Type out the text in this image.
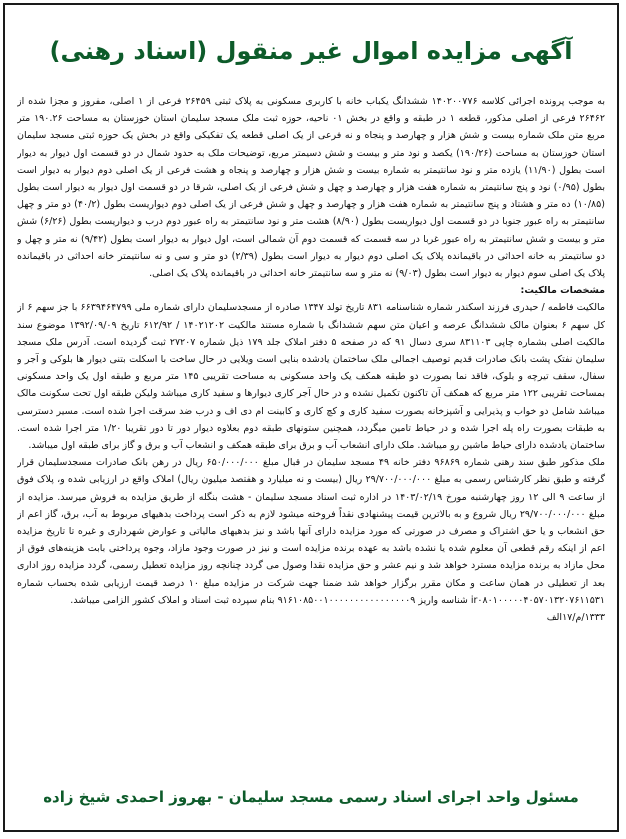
آگهی مزایده اموال غیر منقول (اسناد رهنی)

به موجب پرونده اجرائی کلاسه ۱۴۰۲۰۰۷۷۶ ششدانگ یکباب خانه با کاربری مسکونی به پلاک ثبتی ۲۶۴۵۹ فرعی از ۱ اصلی، مفروز و مجزا شده از ۲۶۴۶۲ فرعی از اصلی مذکور، قطعه ۱ در طبقه و واقع در بخش ۰۱ ناحیه، حوزه ثبت ملک مسجد سلیمان استان خوزستان به مساحت ۱۹۰.۲۶ متر مربع متن ملک شماره بیست و شش هزار و چهارصد و پنجاه و نه فرعی از یک اصلی قطعه یک تفکیکی واقع در بخش یک حوزه ثبتی مسجد سلیمان استان خوزستان به مساحت (۱۹۰/۲۶) یکصد و نود متر و بیست و شش دسیمتر مربع، توضیحات ملک به حدود شمال در دو قسمت اول دیوار به دیوار است بطول (۱۱/۹۰) یازده متر و نود سانتیمتر به شماره بیست و شش هزار و چهارصد و پنجاه و هشت فرعی از یک اصلی دوم دیوار به دیوار است بطول (۰/۹۵) نود و پنج سانتیمتر به شماره هفت هزار و چهارصد و چهل و شش فرعی از یک اصلی، شرقا در دو قسمت اول دیوار به دیوار است بطول (۱۰/۸۵) ده متر و هشتاد و پنج سانتیمتر به شماره هفت هزار و چهارصد و چهل و شش فرعی از یک اصلی دوم دیواریست بطول (۴۰/۲) دو متر و چهل سانتیمتر به راه عبور جنوبا در دو قسمت اول دیواریست بطول (۸/۹۰) هشت متر و نود سانتیمتر به راه عبور دوم درب و دیواریست بطول (۶/۲۶) شش متر و بیست و شش سانتیمتر به راه عبور غربا در سه قسمت که قسمت دوم آن شمالی است، اول دیوار به دیوار است بطول (۹/۴۲) نه متر و چهل و دو سانتیمتر به خانه احداثی در باقیمانده پلاک یک اصلی دوم دیوار به دیوار است بطول (۲/۳۹) دو متر و سی و نه سانتیمتر خانه احداثی در باقیمانده پلاک یک اصلی سوم دیوار به دیوار است بطول (۹/۰۳) نه متر و سه سانتیمتر خانه احداثی در باقیمانده پلاک یک اصلی.

مشخصات مالکیت:

مالکیت فاطمه / حیدری فرزند اسکندر شماره شناسنامه ۸۳۱ تاریخ تولد ۱۳۴۷ صادره از مسجدسلیمان دارای شماره ملی ۶۶۳۹۴۶۴۷۹۹ با جز سهم ۶ از کل سهم ۶ بعنوان مالک ششدانگ عرصه و اعیان متن سهم ششدانگ با شماره مستند مالکیت ۱۴۰۲۱۲۰۲ / ۶۱۲/۹۲ تاریخ ۱۳۹۲/۰۹/۰۹ موضوع سند مالکیت اصلی بشماره چاپی ۸۳۱۱۰۳ سری دسال ۹۱ که در صفحه ۵ دفتر املاک جلد ۱۷۹ ذیل شماره ۲۷۲۰۷ ثبت گردیده است. آدرس ملک مسجد سلیمان نفتک پشت بانک صادرات قدیم توصیف اجمالی ملک ساختمان یادشده بنایی است ویلایی در حال ساخت با اسکلت بتنی دیوار ها بلوکی و آجر و سفال، سقف تیرچه و بلوک، فاقد نما بصورت دو طبقه همکف یک واحد مسکونی به مساحت تقریبی ۱۴۵ متر مربع و طبقه اول یک واحد مسکونی بمساحت تقریبی ۱۲۲ متر مربع که همکف آن تاکنون تکمیل نشده و در حال آجر کاری دیوارها و سفید کاری میباشد ولیکن طبقه اول تحت سکونت مالک میباشد شامل دو خواب و پذیرایی و آشپزخانه بصورت سفید کاری و کچ کاری و کابینت ام دی اف و درب ضد سرقت اجرا شده است. مسیر دسترسی به طبقات بصورت راه پله اجرا شده و در حیاط تامین میگردد، همچنین ستونهای طبقه دوم بعلاوه دیوار دور تا دور تقریبا ۱/۲۰ متر اجرا شده است. ساختمان یادشده دارای حیاط ماشین رو میباشد. ملک دارای انشعاب آب و برق برای طبقه همکف و انشعاب آب و برق و گاز برای طبقه اول میباشد.

ملک مذکور طبق سند رهنی شماره ۹۶۸۶۹ دفتر خانه ۴۹ مسجد سلیمان در قبال مبلغ ۶۵۰/۰۰۰/۰۰۰ ریال در رهن بانک صادرات مسجدسلیمان قرار گرفته و طبق نظر کارشناس رسمی به مبلغ ۲۹/۷۰۰/۰۰۰/۰۰۰ ریال (بیست و نه میلیارد و هفتصد میلیون ریال) املاک واقع در ارزیابی شده و، پلاک فوق از ساعت ۹ الی ۱۲ روز چهارشنبه مورخ ۱۴۰۳/۰۲/۱۹ در اداره ثبت اسناد مسجد سلیمان - هشت بنگله از طریق مزایده به فروش میرسد. مزایده از مبلغ ۲۹/۷۰۰/۰۰۰/۰۰۰ ریال شروع و به بالاترین قیمت پیشنهادی نقداً فروخته میشود لازم به ذکر است پرداخت بدهیهای مربوط به آب، برق، گاز اعم از حق انشعاب و یا حق اشتراک و مصرف در صورتی که مورد مزایده دارای آنها باشد و نیز بدهیهای مالیاتی و عوارض شهرداری و غیره تا تاریخ مزایده اعم از اینکه رقم قطعی آن معلوم شده یا نشده باشد به عهده برنده مزایده است و نیز در صورت وجود مازاد، وجوه پرداختی بابت هزینه‌های فوق از محل مازاد به برنده مزایده مسترد خواهد شد و نیم عشر و حق مزایده نقدا وصول می گردد چنانچه روز مزایده تعطیل رسمی، گردد مزایده روز اداری بعد از تعطیلی در همان ساعت و مکان مقرر برگزار خواهد شد ضمنا جهت شرکت در مزایده مبلغ ۱۰ درصد قیمت ارزیابی شده بحساب شماره ir۰۸۰۱۰۰۰۰۰۴۰۵۷۰۱۳۲۰۷۶۱۱۵۳۱ شناسه واریز ۹۱۶۱۰۸۵۰۰۱۰۰۰۰۰۰۰۰۰۰۰۰۰۰۰۰۹ بنام سپرده ثبت اسناد و املاک کشور الزامی میباشد.

۱۳۳۳/م/۱۷الف

مسئول واحد اجرای اسناد رسمی مسجد سلیمان - بهروز احمدی شیخ زاده
